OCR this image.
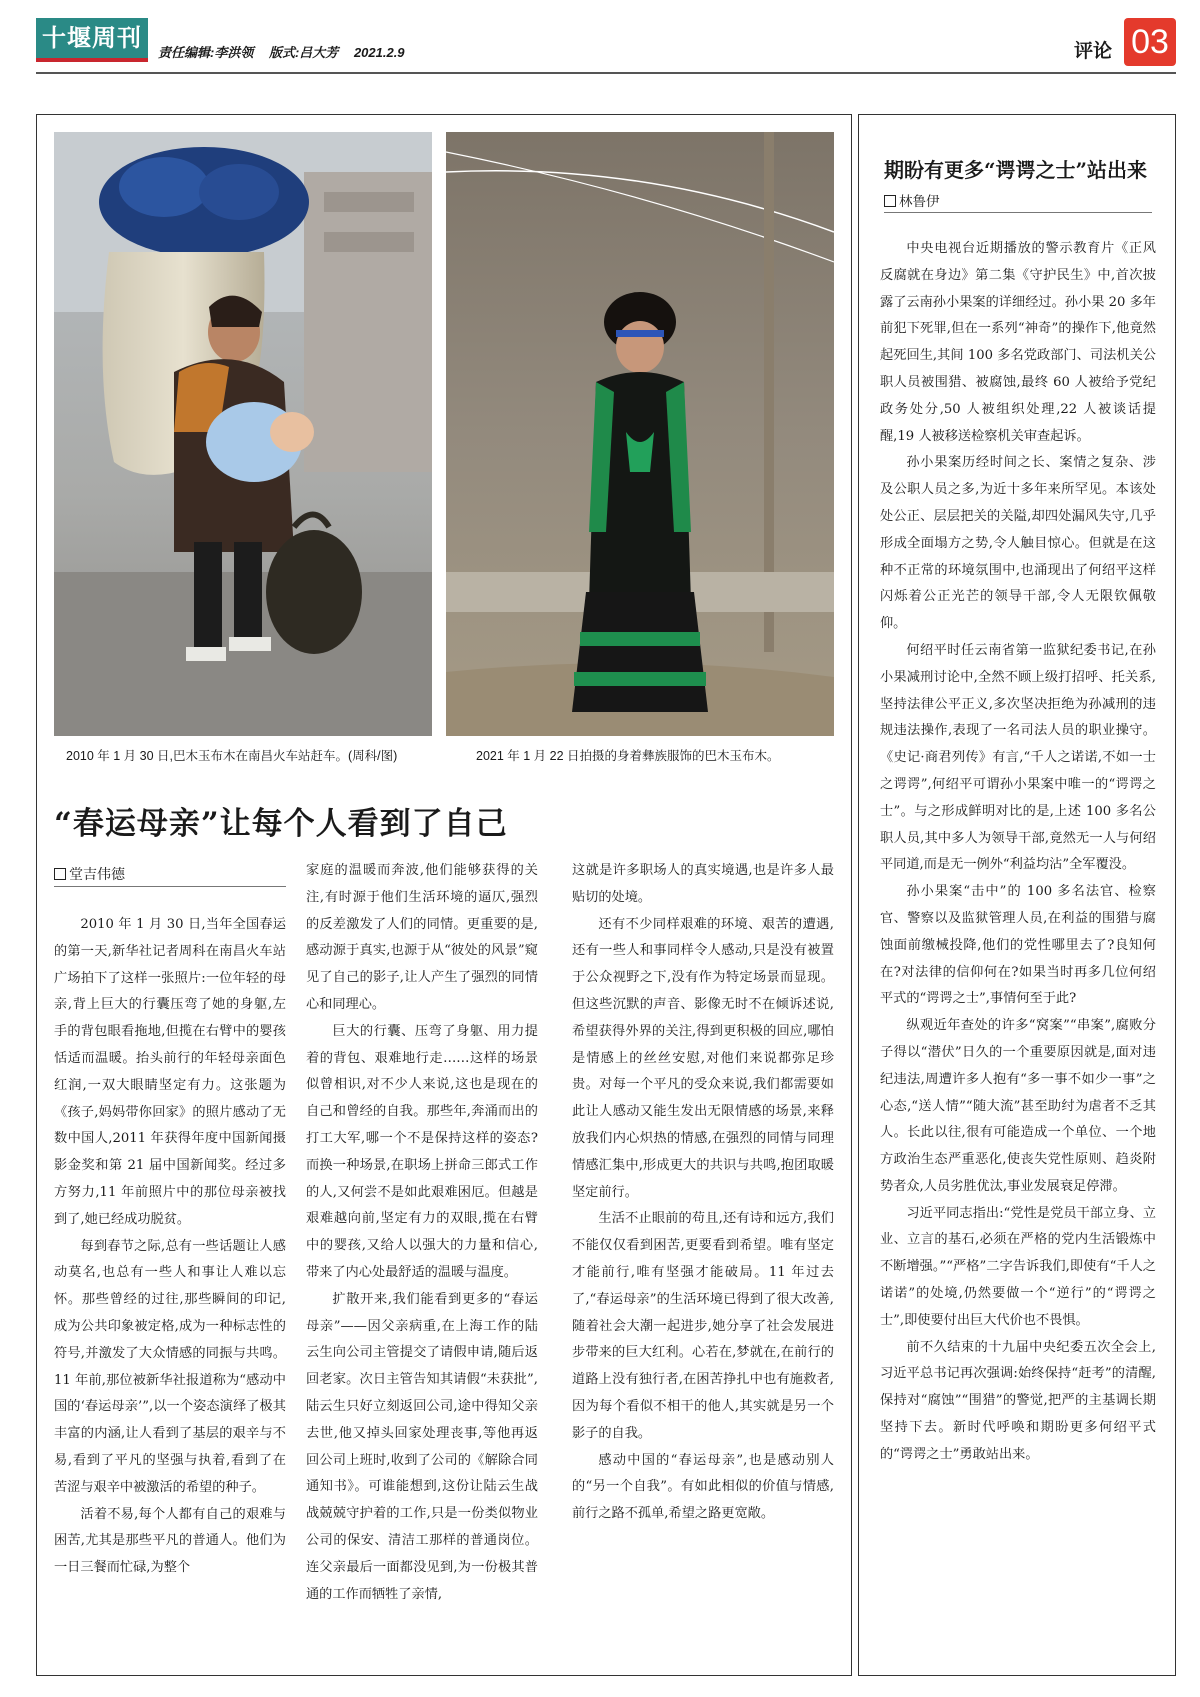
十堰周刊
责任编辑:李洪领 版式:吕大芳 2021.2.9	评论 03
2010 年 1 月 30 日,巴木玉布木在南昌火车站赶车。(周科/图)	2021 年 1 月 22 日拍摄的身着彝族服饰的巴木玉布木。
“春运母亲”让每个人看到了自己
堂吉伟德

2010 年 1 月 30 日,当年全国春运的第一天,新华社记者周科在南昌火车站广场拍下了这样一张照片:一位年轻的母亲,背上巨大的行囊压弯了她的身躯,左手的背包眼看拖地,但揽在右臂中的婴孩恬适而温暖。抬头前行的年轻母亲面色红润,一双大眼睛坚定有力。这张题为《孩子,妈妈带你回家》的照片感动了无数中国人,2011 年获得年度中国新闻摄影金奖和第 21 届中国新闻奖。经过多方努力,11 年前照片中的那位母亲被找到了,她已经成功脱贫。

每到春节之际,总有一些话题让人感动莫名,也总有一些人和事让人难以忘怀。那些曾经的过往,那些瞬间的印记,成为公共印象被定格,成为一种标志性的符号,并激发了大众情感的同振与共鸣。11 年前,那位被新华社报道称为“感动中国的‘春运母亲’”,以一个姿态演绎了极其丰富的内涵,让人看到了基层的艰辛与不易,看到了平凡的坚强与执着,看到了在苦涩与艰辛中被激活的希望的种子。

活着不易,每个人都有自己的艰难与困苦,尤其是那些平凡的普通人。他们为一日三餐而忙碌,为整个

家庭的温暖而奔波,他们能够获得的关注,有时源于他们生活环境的逼仄,强烈的反差激发了人们的同情。更重要的是,感动源于真实,也源于从“彼处的风景”窥见了自己的影子,让人产生了强烈的同情心和同理心。

巨大的行囊、压弯了身躯、用力提着的背包、艰难地行走……这样的场景似曾相识,对不少人来说,这也是现在的自己和曾经的自我。那些年,奔涌而出的打工大军,哪一个不是保持这样的姿态?而换一种场景,在职场上拼命三郎式工作的人,又何尝不是如此艰难困厄。但越是艰难越向前,坚定有力的双眼,揽在右臂中的婴孩,又给人以强大的力量和信心,带来了内心处最舒适的温暖与温度。

扩散开来,我们能看到更多的“春运母亲”——因父亲病重,在上海工作的陆云生向公司主管提交了请假申请,随后返回老家。次日主管告知其请假“未获批”,陆云生只好立刻返回公司,途中得知父亲去世,他又掉头回家处理丧事,等他再返回公司上班时,收到了公司的《解除合同通知书》。可谁能想到,这份让陆云生战战兢兢守护着的工作,只是一份类似物业公司的保安、清洁工那样的普通岗位。连父亲最后一面都没见到,为一份极其普通的工作而牺牲了亲情,

这就是许多职场人的真实境遇,也是许多人最贴切的处境。

还有不少同样艰难的环境、艰苦的遭遇,还有一些人和事同样令人感动,只是没有被置于公众视野之下,没有作为特定场景而显现。但这些沉默的声音、影像无时不在倾诉述说,希望获得外界的关注,得到更积极的回应,哪怕是情感上的丝丝安慰,对他们来说都弥足珍贵。对每一个平凡的受众来说,我们都需要如此让人感动又能生发出无限情感的场景,来释放我们内心炽热的情感,在强烈的同情与同理情感汇集中,形成更大的共识与共鸣,抱团取暖坚定前行。

生活不止眼前的苟且,还有诗和远方,我们不能仅仅看到困苦,更要看到希望。唯有坚定才能前行,唯有坚强才能破局。11 年过去了,“春运母亲”的生活环境已得到了很大改善,随着社会大潮一起进步,她分享了社会发展进步带来的巨大红利。心若在,梦就在,在前行的道路上没有独行者,在困苦挣扎中也有施救者,因为每个看似不相干的他人,其实就是另一个影子的自我。

感动中国的“春运母亲”,也是感动别人的“另一个自我”。有如此相似的价值与情感,前行之路不孤单,希望之路更宽敞。

期盼有更多“谔谔之士”站出来
林鲁伊

中央电视台近期播放的警示教育片《正风反腐就在身边》第二集《守护民生》中,首次披露了云南孙小果案的详细经过。孙小果 20 多年前犯下死罪,但在一系列“神奇”的操作下,他竟然起死回生,其间 100 多名党政部门、司法机关公职人员被围猎、被腐蚀,最终 60 人被给予党纪政务处分,50 人被组织处理,22 人被谈话提醒,19 人被移送检察机关审查起诉。

孙小果案历经时间之长、案情之复杂、涉及公职人员之多,为近十多年来所罕见。本该处处公正、层层把关的关隘,却四处漏风失守,几乎形成全面塌方之势,令人触目惊心。但就是在这种不正常的环境氛围中,也涌现出了何绍平这样闪烁着公正光芒的领导干部,令人无限钦佩敬仰。

何绍平时任云南省第一监狱纪委书记,在孙小果减刑讨论中,全然不顾上级打招呼、托关系,坚持法律公平正义,多次坚决拒绝为孙减刑的违规违法操作,表现了一名司法人员的职业操守。《史记·商君列传》有言,“千人之诺诺,不如一士之谔谔”,何绍平可谓孙小果案中唯一的“谔谔之士”。与之形成鲜明对比的是,上述 100 多名公职人员,其中多人为领导干部,竟然无一人与何绍平同道,而是无一例外“利益均沾”全军覆没。

孙小果案“击中”的 100 多名法官、检察官、警察以及监狱管理人员,在利益的围猎与腐蚀面前缴械投降,他们的党性哪里去了?良知何在?对法律的信仰何在?如果当时再多几位何绍平式的“谔谔之士”,事情何至于此?

纵观近年查处的许多“窝案”“串案”,腐败分子得以“潜伏”日久的一个重要原因就是,面对违纪违法,周遭许多人抱有“多一事不如少一事”之心态,“送人情”“随大流”甚至助纣为虐者不乏其人。长此以往,很有可能造成一个单位、一个地方政治生态严重恶化,使丧失党性原则、趋炎附势者众,人员劣胜优汰,事业发展衰足停滞。

习近平同志指出:“党性是党员干部立身、立业、立言的基石,必须在严格的党内生活锻炼中不断增强。”“严格”二字告诉我们,即使有“千人之诺诺”的处境,仍然要做一个“逆行”的“谔谔之士”,即使要付出巨大代价也不畏惧。

前不久结束的十九届中央纪委五次全会上,习近平总书记再次强调:始终保持“赶考”的清醒,保持对“腐蚀”“围猎”的警觉,把严的主基调长期坚持下去。新时代呼唤和期盼更多何绍平式的“谔谔之士”勇敢站出来。
